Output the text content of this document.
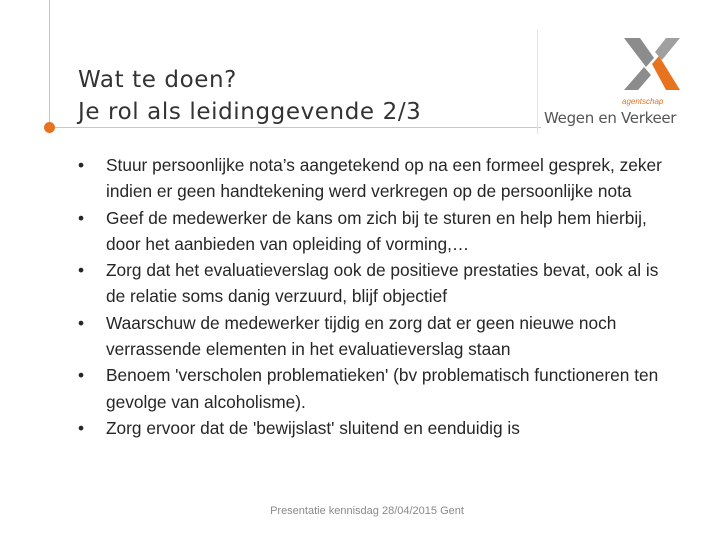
Wat te doen?
Je rol als leidinggevende 2/3	agentschap
Wegen en Verkeer
•	Stuur persoonlijke nota’s aangetekend op na een formeel gesprek, zeker indien er geen handtekening werd verkregen op de persoonlijke nota
•	Geef de medewerker de kans om zich bij te sturen en help hem hierbij, door het aanbieden van opleiding of vorming,…
•	Zorg dat het evaluatieverslag ook de positieve prestaties bevat, ook al is de relatie soms danig verzuurd, blijf objectief
•	Waarschuw de medewerker tijdig en zorg dat er geen nieuwe noch verrassende elementen in het evaluatieverslag staan
•	Benoem 'verscholen problematieken' (bv problematisch functioneren ten gevolge van alcoholisme).
•	Zorg ervoor dat de 'bewijslast' sluitend en eenduidig is
Presentatie kennisdag 28/04/2015 Gent
